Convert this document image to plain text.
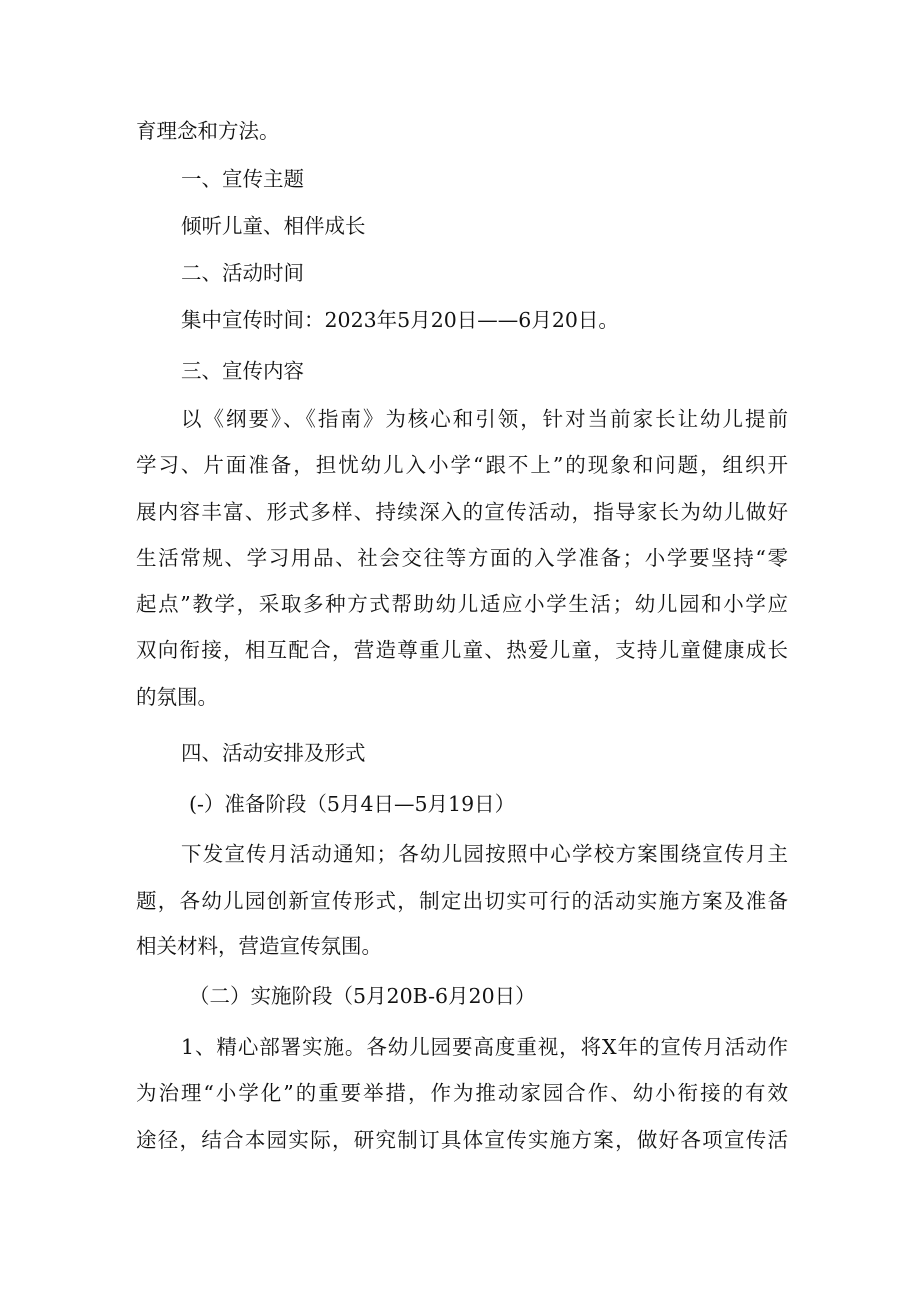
育理念和方法。
一、宣传主题
倾听儿童、相伴成长
二、活动时间
集中宣传时间：2023年5月20日——6月20日。
三、宣传内容
以《纲要》、《指南》为核心和引领，针对当前家长让幼儿提前
学习、片面准备，担忧幼儿入小学“跟不上”的现象和问题，组织开
展内容丰富、形式多样、持续深入的宣传活动，指导家长为幼儿做好
生活常规、学习用品、社会交往等方面的入学准备；小学要坚持“零
起点”教学，采取多种方式帮助幼儿适应小学生活；幼儿园和小学应
双向衔接，相互配合，营造尊重儿童、热爱儿童，支持儿童健康成长
的氛围。
四、活动安排及形式
(-）准备阶段（5月4日—5月19日）
下发宣传月活动通知；各幼儿园按照中心学校方案围绕宣传月主
题，各幼儿园创新宣传形式，制定出切实可行的活动实施方案及准备
相关材料，营造宣传氛围。
（二）实施阶段（5月20B-6月20日）
1、精心部署实施。各幼儿园要高度重视，将X年的宣传月活动作
为治理“小学化”的重要举措，作为推动家园合作、幼小衔接的有效
途径，结合本园实际，研究制订具体宣传实施方案，做好各项宣传活
